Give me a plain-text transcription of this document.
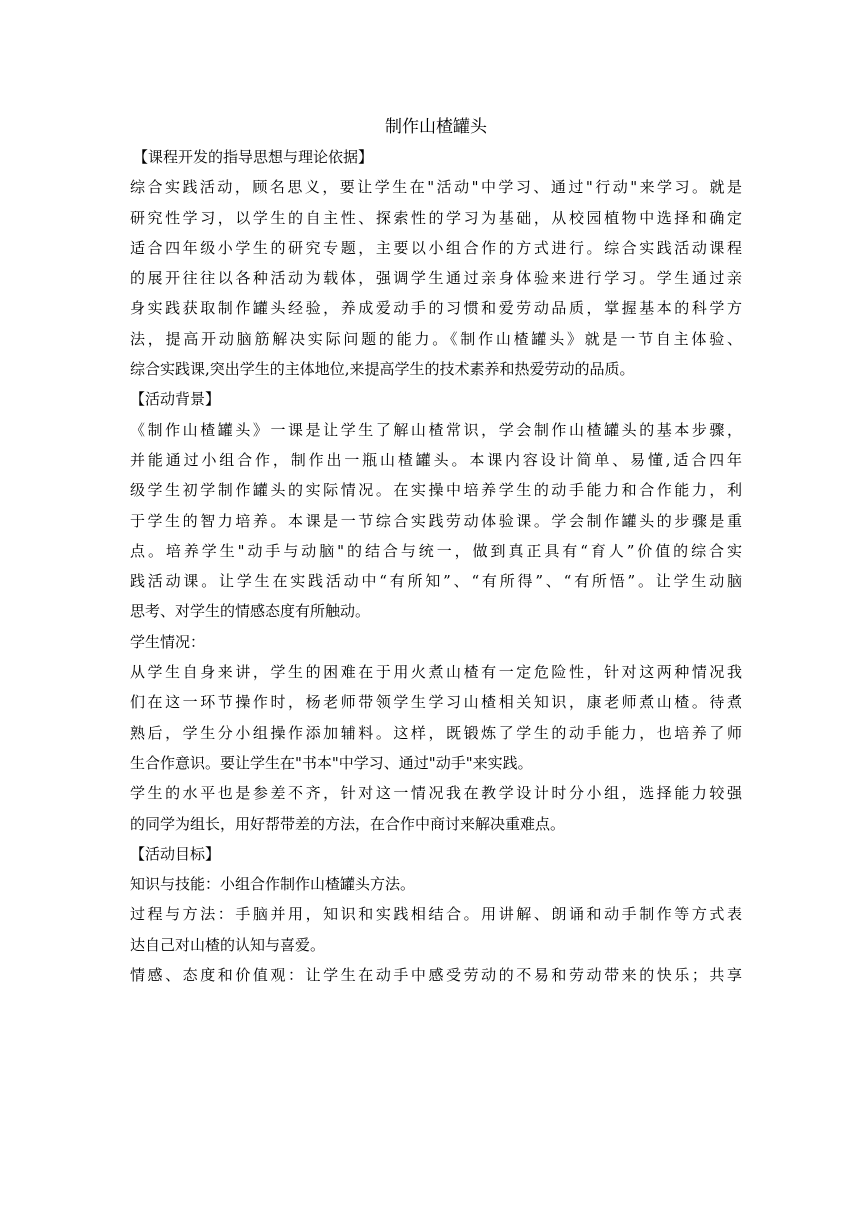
制作山楂罐头

【课程开发的指导思想与理论依据】

综合实践活动，顾名思义，要让学生在"活动"中学习、通过"行动"来学习。就是

研究性学习，以学生的自主性、探索性的学习为基础，从校园植物中选择和确定

适合四年级小学生的研究专题，主要以小组合作的方式进行。综合实践活动课程

的展开往往以各种活动为载体，强调学生通过亲身体验来进行学习。学生通过亲

身实践获取制作罐头经验，养成爱动手的习惯和爱劳动品质，掌握基本的科学方

法，提高开动脑筋解决实际问题的能力。《制作山楂罐头》就是一节自主体验、

综合实践课,突出学生的主体地位,来提高学生的技术素养和热爱劳动的品质。

【活动背景】

《制作山楂罐头》一课是让学生了解山楂常识，学会制作山楂罐头的基本步骤，

并能通过小组合作，制作出一瓶山楂罐头。本课内容设计简单、易懂,适合四年

级学生初学制作罐头的实际情况。在实操中培养学生的动手能力和合作能力，利

于学生的智力培养。本课是一节综合实践劳动体验课。学会制作罐头的步骤是重

点。培养学生"动手与动脑"的结合与统一，做到真正具有“育人”价值的综合实

践活动课。让学生在实践活动中“有所知”、“有所得”、“有所悟”。让学生动脑

思考、对学生的情感态度有所触动。

学生情况：

从学生自身来讲，学生的困难在于用火煮山楂有一定危险性，针对这两种情况我

们在这一环节操作时，杨老师带领学生学习山楂相关知识，康老师煮山楂。待煮

熟后，学生分小组操作添加辅料。这样，既锻炼了学生的动手能力，也培养了师

生合作意识。要让学生在"书本"中学习、通过"动手"来实践。

学生的水平也是参差不齐，针对这一情况我在教学设计时分小组，选择能力较强

的同学为组长，用好帮带差的方法，在合作中商讨来解决重难点。

【活动目标】

知识与技能：小组合作制作山楂罐头方法。

过程与方法：手脑并用，知识和实践相结合。用讲解、朗诵和动手制作等方式表

达自己对山楂的认知与喜爱。

情感、态度和价值观：让学生在动手中感受劳动的不易和劳动带来的快乐；共享
